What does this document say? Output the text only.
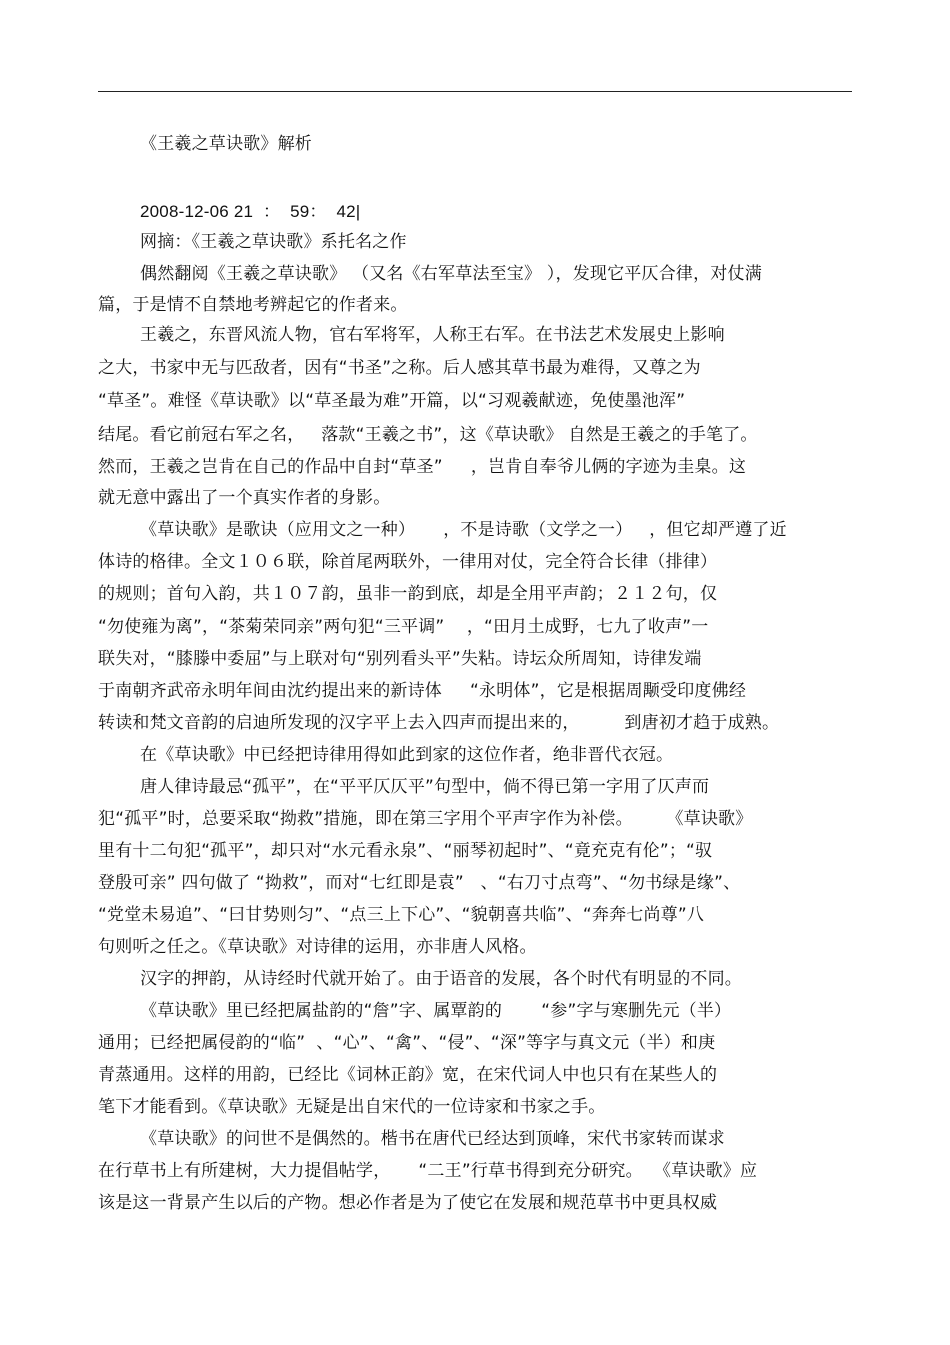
《王羲之草诀歌》解析
2008-12-06 21  ：  59：  42|
网摘：《王羲之草诀歌》系托名之作
偶然翻阅《王羲之草诀歌》 （又名《右军草法至宝》 ），发现它平仄合律，对仗满
篇，于是情不自禁地考辨起它的作者来。
王羲之，东晋风流人物，官右军将军，人称王右军。在书法艺术发展史上影响
之大，书家中无与匹敌者，因有“书圣”之称。后人感其草书最为难得，又尊之为
“草圣”。难怪《草诀歌》以“草圣最为难”开篇，以“习观羲献迹，免使墨池浑”
结尾。看它前冠右军之名，   落款“王羲之书”，这《草诀歌》 自然是王羲之的手笔了。
然而，王羲之岂肯在自己的作品中自封“草圣”     ，岂肯自奉爷儿俩的字迹为圭臬。这
就无意中露出了一个真实作者的身影。
《草诀歌》是歌诀（应用文之一种）     ，不是诗歌（文学之一）   ，但它却严遵了近
体诗的格律。全文１０６联，除首尾两联外，一律用对仗，完全符合长律（排律）
的规则；首句入韵，共１０７韵，虽非一韵到底，却是全用平声韵；２１２句，仅
“勿使雍为离”，“茶菊荣同亲”两句犯“三平调”    ，“田月土成野，七九了收声”一
联失对，“膝滕中委屈”与上联对句“别列看头平”失粘。诗坛众所周知，诗律发端
于南朝齐武帝永明年间由沈约提出来的新诗体     “永明体”，它是根据周颙受印度佛经
转读和梵文音韵的启迪所发现的汉字平上去入四声而提出来的，        到唐初才趋于成熟。
在《草诀歌》中已经把诗律用得如此到家的这位作者，绝非晋代衣冠。
唐人律诗最忌“孤平”，在“平平仄仄平”句型中，倘不得已第一字用了仄声而
犯“孤平”时，总要采取“拗救”措施，即在第三字用个平声字作为补偿。      《草诀歌》
里有十二句犯“孤平”，却只对“水元看永泉”、“丽琴初起时”、“竟充克有伦”；“驭
登殷可亲” 四句做了 “拗救”，而对“七红即是袁”   、“右刀寸点弯”、“勿书绿是缘”、
“党堂未易追”、“曰甘势则匀”、“点三上下心”、“貌朝喜共临”、“奔奔七尚尊”八
句则听之任之。《草诀歌》对诗律的运用，亦非唐人风格。
汉字的押韵，从诗经时代就开始了。由于语音的发展，各个时代有明显的不同。
《草诀歌》里已经把属盐韵的“詹”字、属覃韵的       “参”字与寒删先元（半）
通用；已经把属侵韵的“临”  、“心”、“禽”、“侵”、“深”等字与真文元（半）和庚
青蒸通用。这样的用韵，已经比《词林正韵》宽，在宋代词人中也只有在某些人的
笔下才能看到。《草诀歌》无疑是出自宋代的一位诗家和书家之手。
《草诀歌》的问世不是偶然的。楷书在唐代已经达到顶峰，宋代书家转而谋求
在行草书上有所建树，大力提倡帖学，     “二王”行草书得到充分研究。  《草诀歌》应
该是这一背景产生以后的产物。想必作者是为了使它在发展和规范草书中更具权威
